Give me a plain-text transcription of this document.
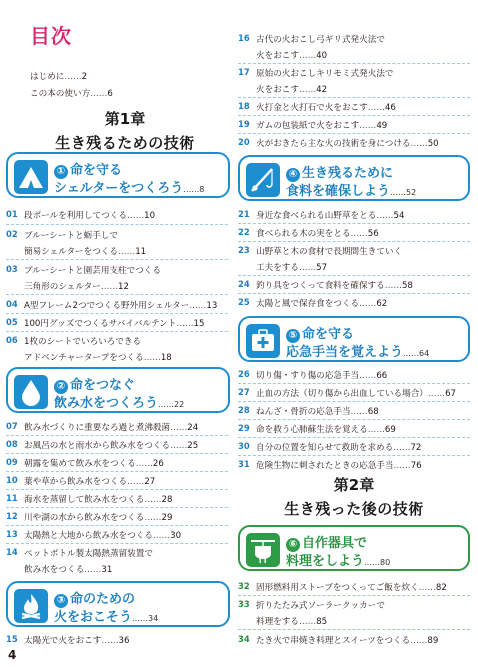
目次
はじめに……2
この本の使い方……6
第1章
生き残るための技術
① 命を守る
シェルターをつくろう……8
01 段ボールを利用してつくる……10
02 ブルーシートと蛎手しで
簡易シェルターをつくる……11
03 ブルーシートと園芸用支柱でつくる
三角形のシェルター……12
04 A型フレーム2つでつくる野外用シェルター……13
05 100円グッズでつくるサバイバルテント……15
06 1枚のシートでいろいろできる
アドベンチャータープをつくる……18
② 命をつなぐ
飲み水をつくろう……22
07 飲み水づくりに重要なろ過と煮沸殺菌……24
08 お風呂の水と雨水から飲み水をつくる……25
09 朝露を集めて飲み水をつくる……26
10 葉や草から飲み水をつくる……27
11 海水を蒸留して飲み水をつくる……28
12 川や湖の水から飲み水をつくる……29
13 太陽熱と大地から飲み水をつくる……30
14 ペットボトル製太陽熱蒸留装置で
飲み水をつくる……31
③ 命のための
火をおこそう……34
15 太陽光で火をおこす……36
16 古代の火おこし弓ギリ式発火法で
火をおこす……40
17 原始の火おこしキリモミ式発火法で
火をおこす……42
18 火打金と火打石で火をおこす……46
19 ガムの包装紙で火をおこす……49
20 火がおきたら主な火の技術を身につける……50
④ 生き残るために
食料を確保しよう……52
21 身近な食べられる山野草をとる……54
22 食べられる木の実をとる……56
23 山野草と木の食材で長期間生きていく
工夫をする……57
24 釣り具をつくって食料を確保する……58
25 太陽と風で保存食をつくる……62
⑤ 命を守る
応急手当を覚えよう……64
26 切り傷・すり傷の応急手当……66
27 止血の方法（切り傷から出血している場合）……67
28 ねんざ・骨折の応急手当……68
29 命を救う心肺蘇生法を覚える……69
30 自分の位置を知らせて救助を求める……72
31 危険生物に刺されたときの応急手当……76
第2章
生き残った後の技術
⑥ 自作器具で
料理をしよう……80
32 固形燃料用ストーブをつくってご飯を炊く……82
33 折りたたみ式ソーラークッカーで
料理をする……85
34 たき火で串焼き料理とスイーツをつくる……89
4
